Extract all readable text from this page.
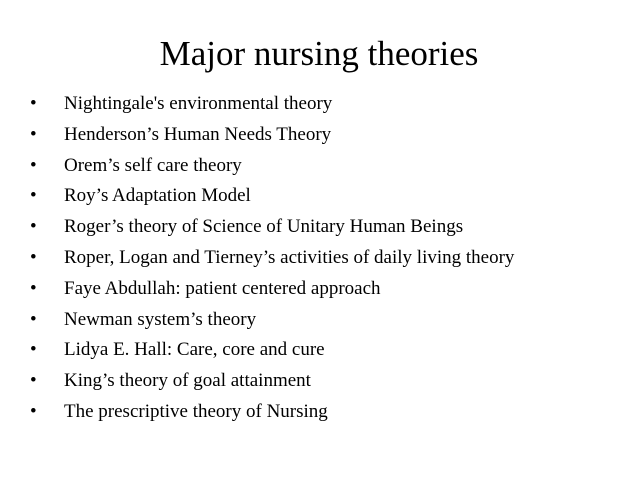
Major nursing theories
•	Nightingale's environmental theory
•	Henderson’s Human Needs Theory
•	Orem’s self care theory
•	Roy’s Adaptation Model
•	Roger’s theory of Science of Unitary Human Beings
•	Roper, Logan and Tierney’s activities of daily living theory
•	Faye Abdullah: patient centered approach
•	Newman system’s theory
•	Lidya E. Hall: Care, core and cure
•	King’s theory of goal attainment
•	The prescriptive theory of Nursing
